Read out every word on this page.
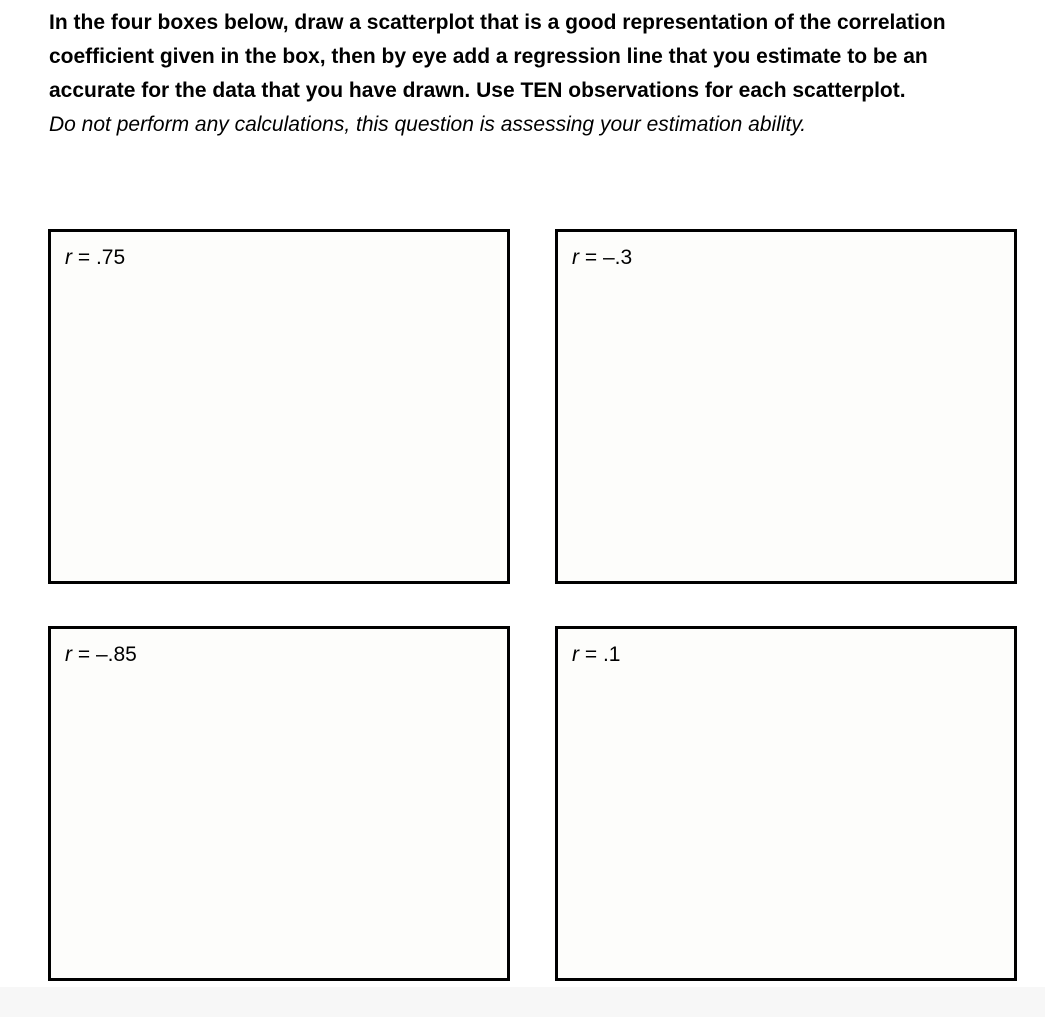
In the four boxes below, draw a scatterplot that is a good representation of the correlation coefficient given in the box, then by eye add a regression line that you estimate to be an accurate for the data that you have drawn. Use TEN observations for each scatterplot.

Do not perform any calculations, this question is assessing your estimation ability.

r = .75	r = –.3
r = –.85	r = .1
